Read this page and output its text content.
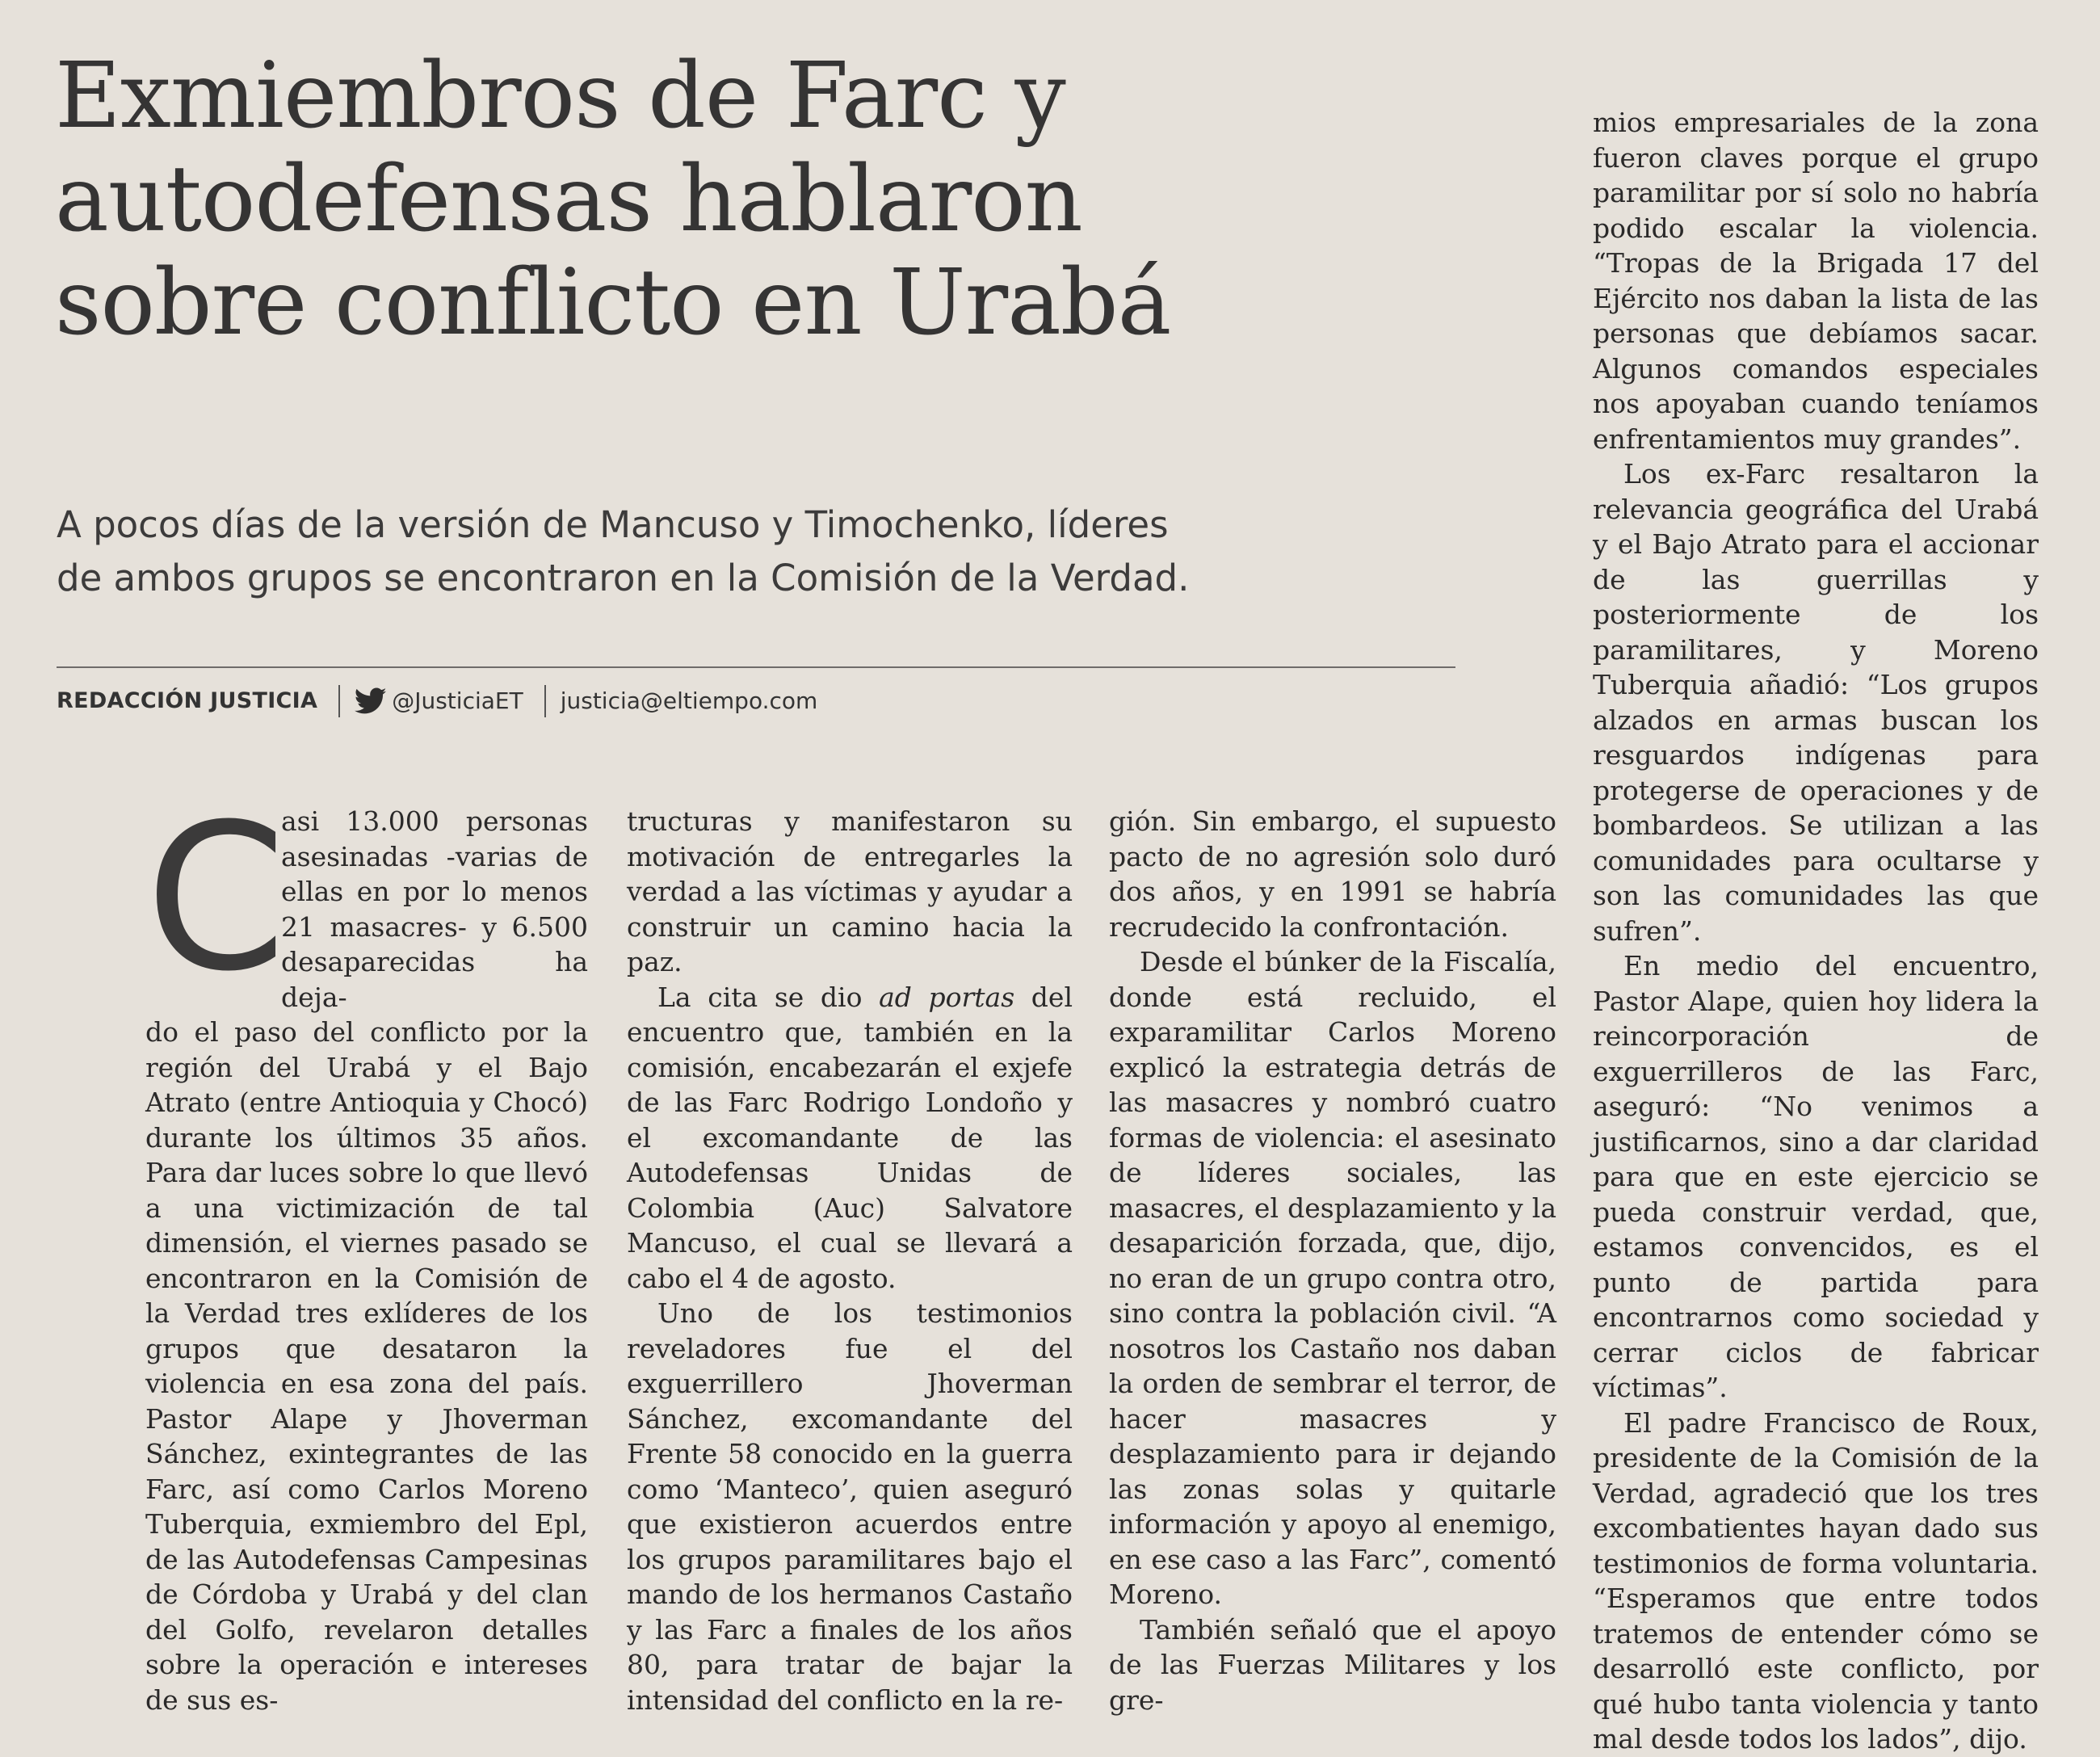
Exmiembros de Farc y
autodefensas hablaron
sobre conflicto en Urabá
A pocos días de la versión de Mancuso y Timochenko, líderes
de ambos grupos se encontraron en la Comisión de la Verdad.
REDACCIÓN JUSTICIA	@JusticiaET justicia@eltiempo.com
C

asi 13.000 personas asesinadas -varias de ellas en por lo menos 21 masacres- y 6.500 desaparecidas ha deja-

do el paso del conflicto por la región del Urabá y el Bajo Atrato (entre Antioquia y Chocó) durante los últimos 35 años. Para dar luces sobre lo que llevó a una victimización de tal dimensión, el viernes pasado se encontraron en la Comisión de la Verdad tres exlíderes de los grupos que desataron la violencia en esa zona del país. Pastor Alape y Jhoverman Sánchez, exintegrantes de las Farc, así como Carlos Moreno Tuberquia, exmiembro del Epl, de las Autodefensas Campesinas de Córdoba y Urabá y del clan del Golfo, revelaron detalles sobre la operación e intereses de sus es-

tructuras y manifestaron su motivación de entregarles la verdad a las víctimas y ayudar a construir un camino hacia la paz.

La cita se dio ad portas del encuentro que, también en la comisión, encabezarán el exjefe de las Farc Rodrigo Londoño y el excomandante de las Autodefensas Unidas de Colombia (Auc) Salvatore Mancuso, el cual se llevará a cabo el 4 de agosto.

Uno de los testimonios reveladores fue el del exguerrillero Jhoverman Sánchez, excomandante del Frente 58 conocido en la guerra como ‘Manteco’, quien aseguró que existieron acuerdos entre los grupos paramilitares bajo el mando de los hermanos Castaño y las Farc a finales de los años 80, para tratar de bajar la intensidad del conflicto en la re-

gión. Sin embargo, el supuesto pacto de no agresión solo duró dos años, y en 1991 se habría recrudecido la confrontación.

Desde el búnker de la Fiscalía, donde está recluido, el exparamilitar Carlos Moreno explicó la estrategia detrás de las masacres y nombró cuatro formas de violencia: el asesinato de líderes sociales, las masacres, el desplazamiento y la desaparición forzada, que, dijo, no eran de un grupo contra otro, sino contra la población civil. “A nosotros los Castaño nos daban la orden de sembrar el terror, de hacer masacres y desplazamiento para ir dejando las zonas solas y quitarle información y apoyo al enemigo, en ese caso a las Farc”, comentó Moreno.

También señaló que el apoyo de las Fuerzas Militares y los gre-

mios empresariales de la zona fueron claves porque el grupo paramilitar por sí solo no habría podido escalar la violencia. “Tropas de la Brigada 17 del Ejército nos daban la lista de las personas que debíamos sacar. Algunos comandos especiales nos apoyaban cuando teníamos enfrentamientos muy grandes”.

Los ex-Farc resaltaron la relevancia geográfica del Urabá y el Bajo Atrato para el accionar de las guerrillas y posteriormente de los paramilitares, y Moreno Tuberquia añadió: “Los grupos alzados en armas buscan los resguardos indígenas para protegerse de operaciones y de bombardeos. Se utilizan a las comunidades para ocultarse y son las comunidades las que sufren”.

En medio del encuentro, Pastor Alape, quien hoy lidera la reincorporación de exguerrilleros de las Farc, aseguró: “No venimos a justificarnos, sino a dar claridad para que en este ejercicio se pueda construir verdad, que, estamos convencidos, es el punto de partida para encontrarnos como sociedad y cerrar ciclos de fabricar víctimas”.

El padre Francisco de Roux, presidente de la Comisión de la Verdad, agradeció que los tres excombatientes hayan dado sus testimonios de forma voluntaria. “Esperamos que entre todos tratemos de entender cómo se desarrolló este conflicto, por qué hubo tanta violencia y tanto mal desde todos los lados”, dijo.
